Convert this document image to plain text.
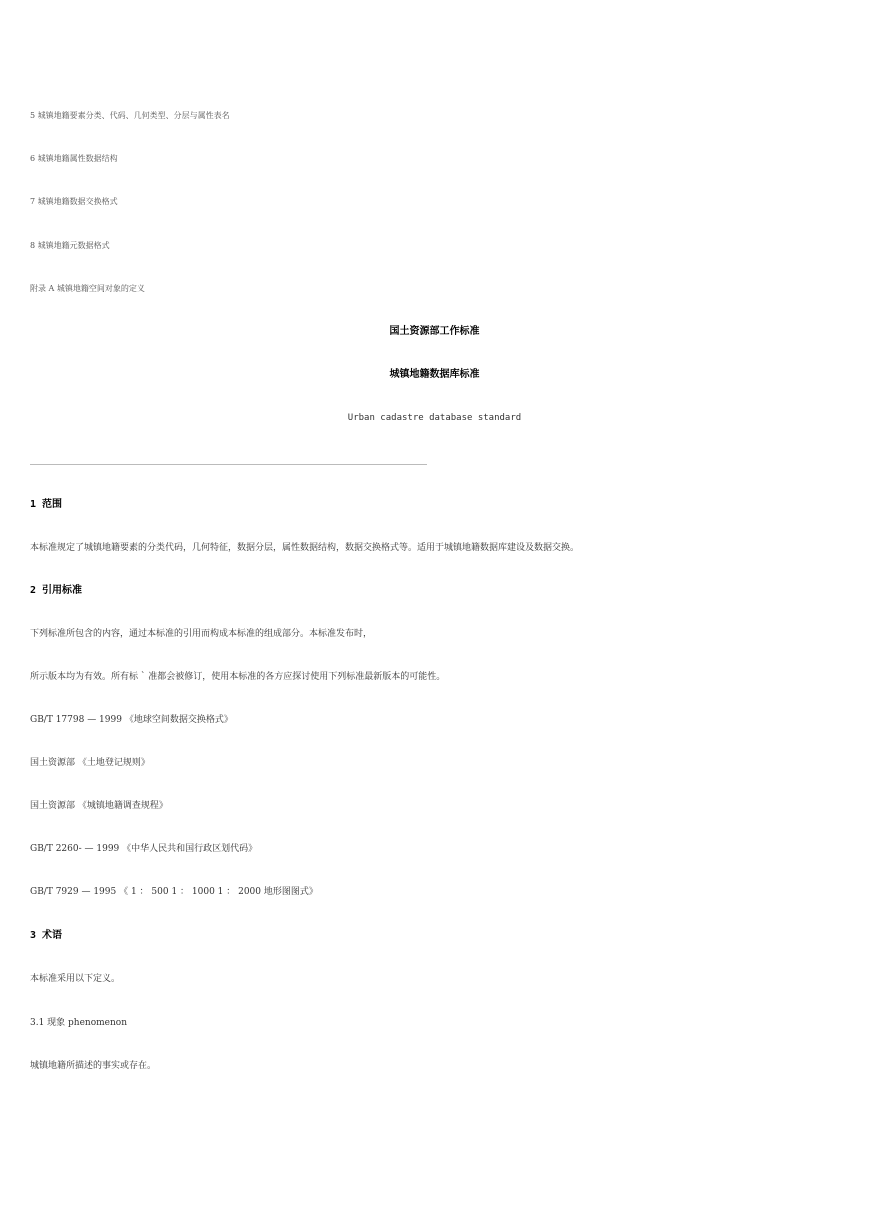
5 城镇地籍要素分类、代码、几何类型、分层与属性表名
6 城镇地籍属性数据结构
7 城镇地籍数据交换格式
8 城镇地籍元数据格式
附录 A 城镇地籍空间对象的定义
国土资源部工作标准
城镇地籍数据库标准
Urban cadastre database standard
1 范围
本标准规定了城镇地籍要素的分类代码，几何特征，数据分层，属性数据结构，数据交换格式等。适用于城镇地籍数据库建设及数据交换。
2 引用标准
下列标准所包含的内容，通过本标准的引用而构成本标准的组成部分。本标准发布时，
所示版本均为有效。所有标 ` 准都会被修订，使用本标准的各方应探讨使用下列标准最新版本的可能性。
GB/T 17798 — 1999 《地球空间数据交换格式》
国土资源部 《土地登记规则》
国土资源部 《城镇地籍调查规程》
GB/T 2260- — 1999 《中华人民共和国行政区划代码》
GB/T 7929 — 1995 《 1 ： 500 1 ： 1000 1 ： 2000 地形图图式》
3 术语
本标准采用以下定义。
3.1 现象 phenomenon
城镇地籍所描述的事实或存在。
